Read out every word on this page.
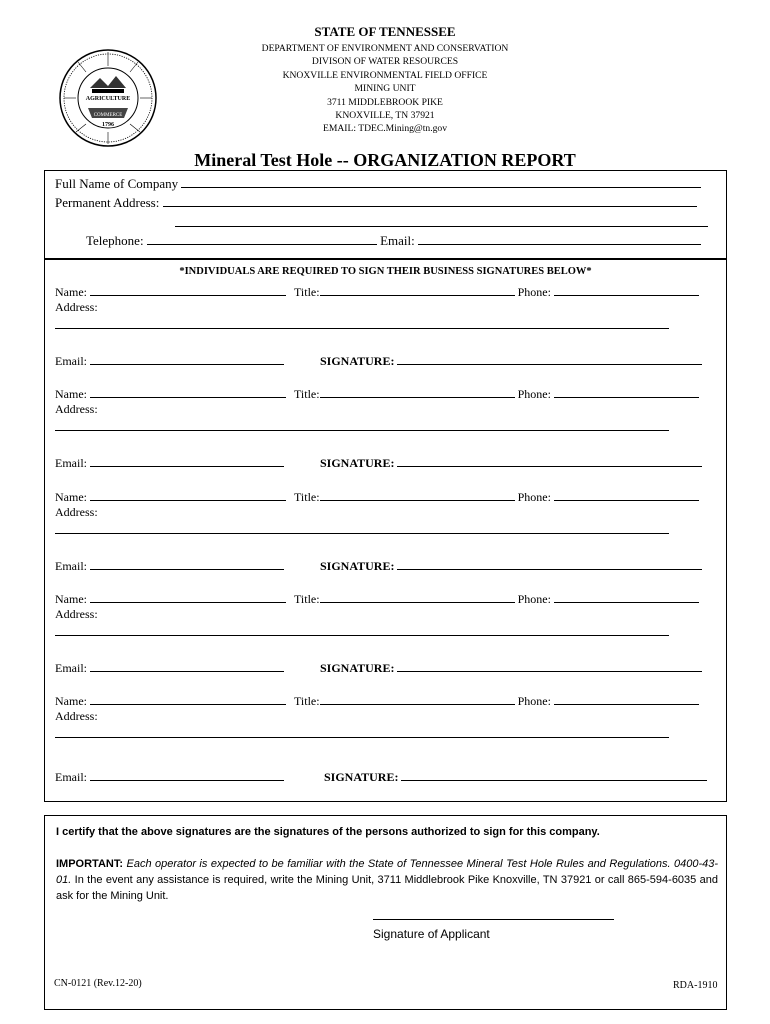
AGRICULTURE
COMMERCE
1796
STATE OF TENNESSEE
DEPARTMENT OF ENVIRONMENT AND CONSERVATION
DIVISON OF WATER RESOURCES
KNOXVILLE ENVIRONMENTAL FIELD OFFICE
MINING UNIT
3711 MIDDLEBROOK PIKE
KNOXVILLE, TN 37921
EMAIL: TDEC.Mining@tn.gov
Mineral Test Hole -- ORGANIZATION REPORT
Full Name of Company
Permanent Address:
Telephone:	Email:
*INDIVIDUALS ARE REQUIRED TO SIGN THEIR BUSINESS SIGNATURES BELOW*
Name:	Title:	Phone:
Address:
Email:	SIGNATURE:
Name:	Title:	Phone:
Address:
Email:	SIGNATURE:
Name:	Title:	Phone:
Address:
Email:	SIGNATURE:
Name:	Title:	Phone:
Address:
Email:	SIGNATURE:
Name:	Title:	Phone:
Address:
Email:	SIGNATURE:
I certify that the above signatures are the signatures of the persons authorized to sign for this company.
IMPORTANT: Each operator is expected to be familiar with the State of Tennessee Mineral Test Hole Rules and Regulations. 0400-43-01. In the event any assistance is required, write the Mining Unit, 3711 Middlebrook Pike Knoxville, TN 37921 or call 865-594-6035 and ask for the Mining Unit.
Signature of Applicant
CN-0121 (Rev.12-20)	RDA-1910
